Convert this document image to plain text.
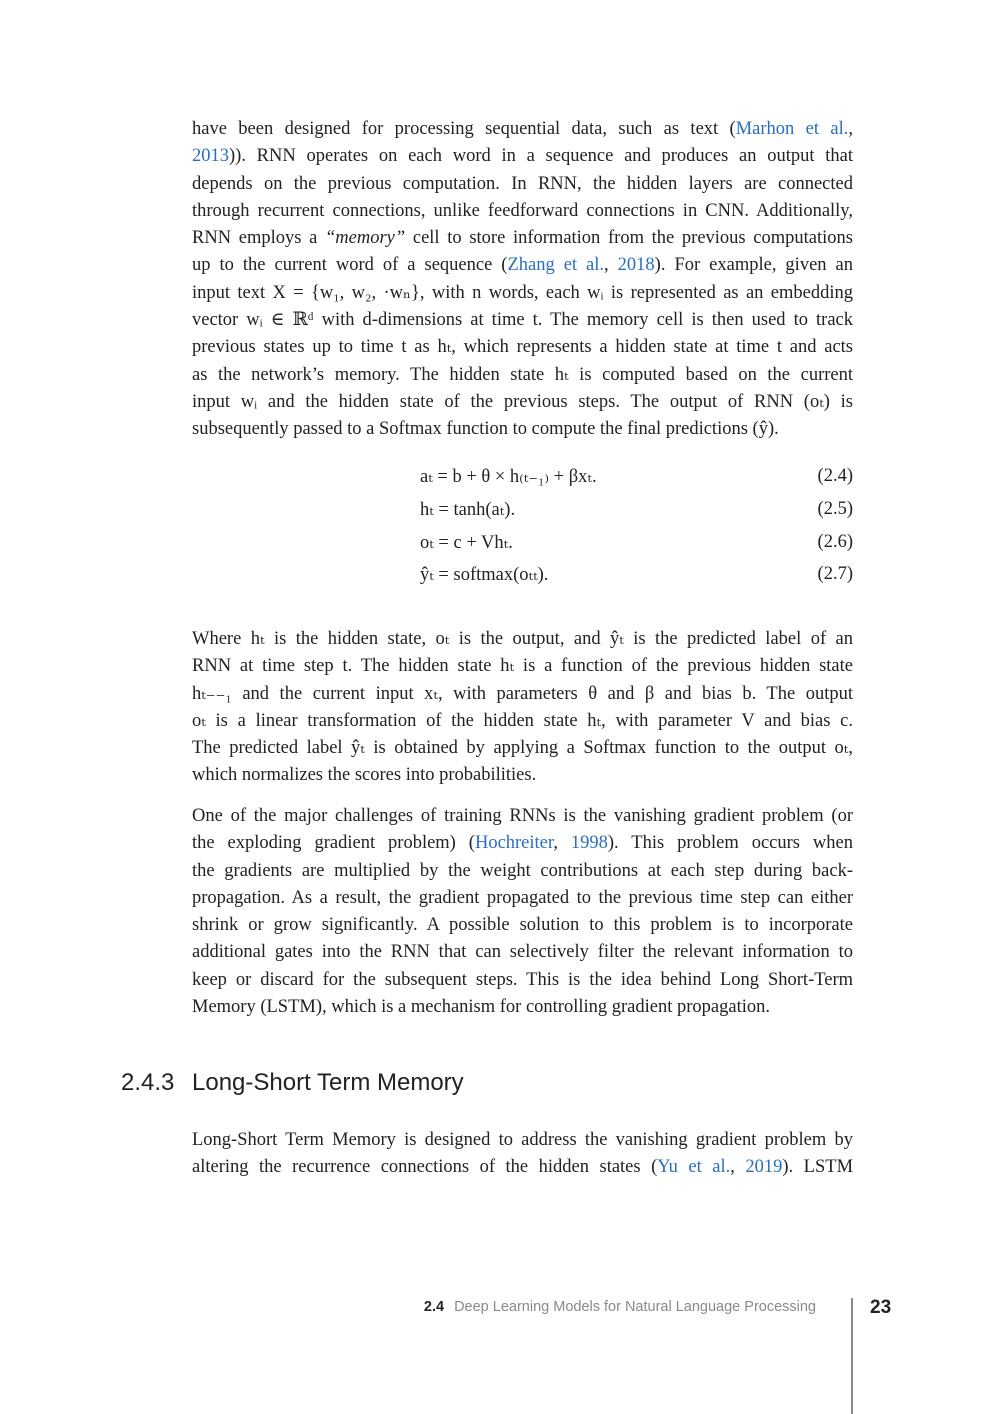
have been designed for processing sequential data, such as text (Marhon et al.,
2013)). RNN operates on each word in a sequence and produces an output that
depends on the previous computation. In RNN, the hidden layers are connected
through recurrent connections, unlike feedforward connections in CNN. Additionally,
RNN employs a “memory” cell to store information from the previous computations
up to the current word of a sequence (Zhang et al., 2018). For example, given an
input text X = {w₁, w₂, ·wₙ}, with n words, each wᵢ is represented as an embedding
vector wᵢ ∈ ℝᵈ with d-dimensions at time t. The memory cell is then used to track
previous states up to time t as hₜ, which represents a hidden state at time t and acts
as the network’s memory. The hidden state hₜ is computed based on the current
input wᵢ and the hidden state of the previous steps. The output of RNN (oₜ) is
subsequently passed to a Softmax function to compute the final predictions (ŷ).
aₜ = b + θ × h₍ₜ₋₁₎ + βxₜ.	(2.4)
hₜ = tanh(aₜ).	(2.5)
oₜ = c + Vhₜ.	(2.6)
ŷₜ = softmax(oₜₜ).	(2.7)
Where hₜ is the hidden state, oₜ is the output, and ŷₜ is the predicted label of an
RNN at time step t. The hidden state hₜ is a function of the previous hidden state
hₜ₋₋₁ and the current input xₜ, with parameters θ and β and bias b. The output
oₜ is a linear transformation of the hidden state hₜ, with parameter V and bias c.
The predicted label ŷₜ is obtained by applying a Softmax function to the output oₜ,
which normalizes the scores into probabilities.
One of the major challenges of training RNNs is the vanishing gradient problem (or
the exploding gradient problem) (Hochreiter, 1998). This problem occurs when
the gradients are multiplied by the weight contributions at each step during back-
propagation. As a result, the gradient propagated to the previous time step can either
shrink or grow significantly. A possible solution to this problem is to incorporate
additional gates into the RNN that can selectively filter the relevant information to
keep or discard for the subsequent steps. This is the idea behind Long Short-Term
Memory (LSTM), which is a mechanism for controlling gradient propagation.
2.4.3 Long-Short Term Memory
Long-Short Term Memory is designed to address the vanishing gradient problem by
altering the recurrence connections of the hidden states (Yu et al., 2019). LSTM
2.4 Deep Learning Models for Natural Language Processing	23
